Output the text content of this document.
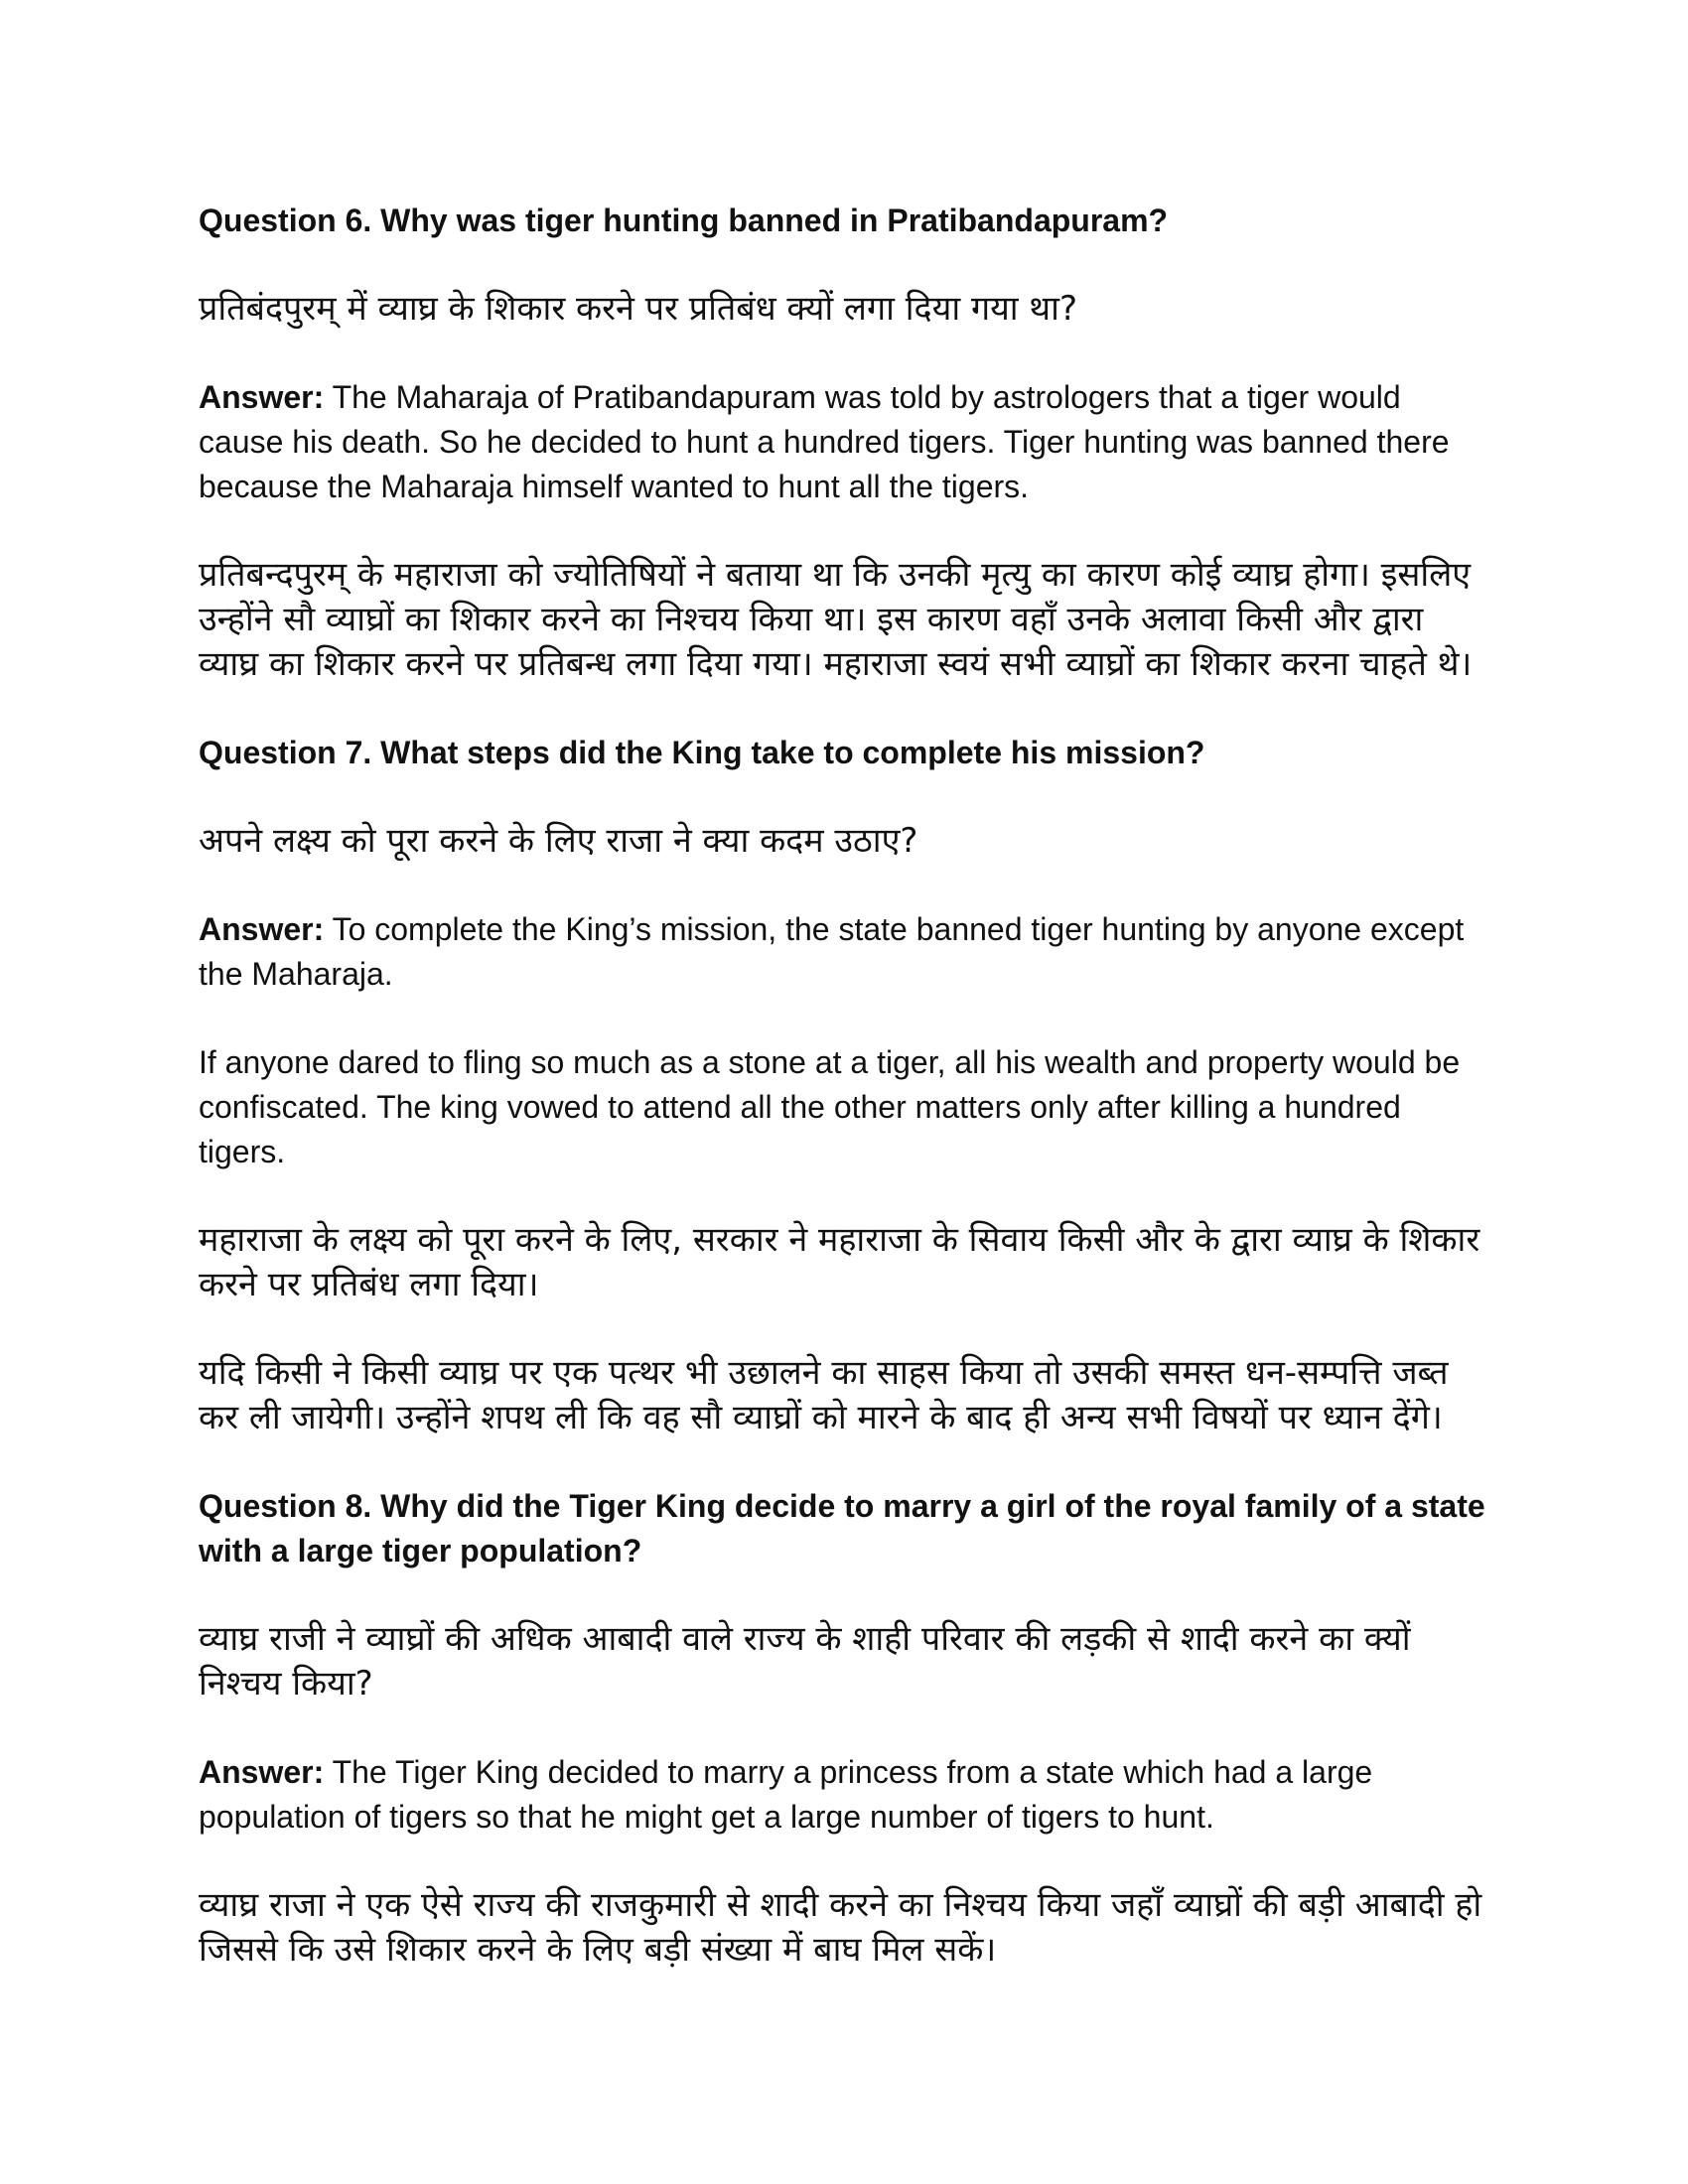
Question 6. Why was tiger hunting banned in Pratibandapuram?

प्रतिबंदपुरम् में व्याघ्र के शिकार करने पर प्रतिबंध क्यों लगा दिया गया था?

Answer: The Maharaja of Pratibandapuram was told by astrologers that a tiger would cause his death. So he decided to hunt a hundred tigers. Tiger hunting was banned there because the Maharaja himself wanted to hunt all the tigers.

प्रतिबन्दपुरम् के महाराजा को ज्योतिषियों ने बताया था कि उनकी मृत्यु का कारण कोई व्याघ्र होगा। इसलिए उन्होंने सौ व्याघ्रों का शिकार करने का निश्चय किया था। इस कारण वहाँ उनके अलावा किसी और द्वारा व्याघ्र का शिकार करने पर प्रतिबन्ध लगा दिया गया। महाराजा स्वयं सभी व्याघ्रों का शिकार करना चाहते थे।

Question 7. What steps did the King take to complete his mission?

अपने लक्ष्य को पूरा करने के लिए राजा ने क्या कदम उठाए?

Answer: To complete the King’s mission, the state banned tiger hunting by anyone except the Maharaja.

If anyone dared to fling so much as a stone at a tiger, all his wealth and property would be confiscated. The king vowed to attend all the other matters only after killing a hundred tigers.

महाराजा के लक्ष्य को पूरा करने के लिए, सरकार ने महाराजा के सिवाय किसी और के द्वारा व्याघ्र के शिकार करने पर प्रतिबंध लगा दिया।

यदि किसी ने किसी व्याघ्र पर एक पत्थर भी उछालने का साहस किया तो उसकी समस्त धन-सम्पत्ति जब्त कर ली जायेगी। उन्होंने शपथ ली कि वह सौ व्याघ्रों को मारने के बाद ही अन्य सभी विषयों पर ध्यान देंगे।

Question 8. Why did the Tiger King decide to marry a girl of the royal family of a state with a large tiger population?

व्याघ्र राजी ने व्याघ्रों की अधिक आबादी वाले राज्य के शाही परिवार की लड़की से शादी करने का क्यों निश्चय किया?

Answer: The Tiger King decided to marry a princess from a state which had a large population of tigers so that he might get a large number of tigers to hunt.

व्याघ्र राजा ने एक ऐसे राज्य की राजकुमारी से शादी करने का निश्चय किया जहाँ व्याघ्रों की बड़ी आबादी हो जिससे कि उसे शिकार करने के लिए बड़ी संख्या में बाघ मिल सकें।
